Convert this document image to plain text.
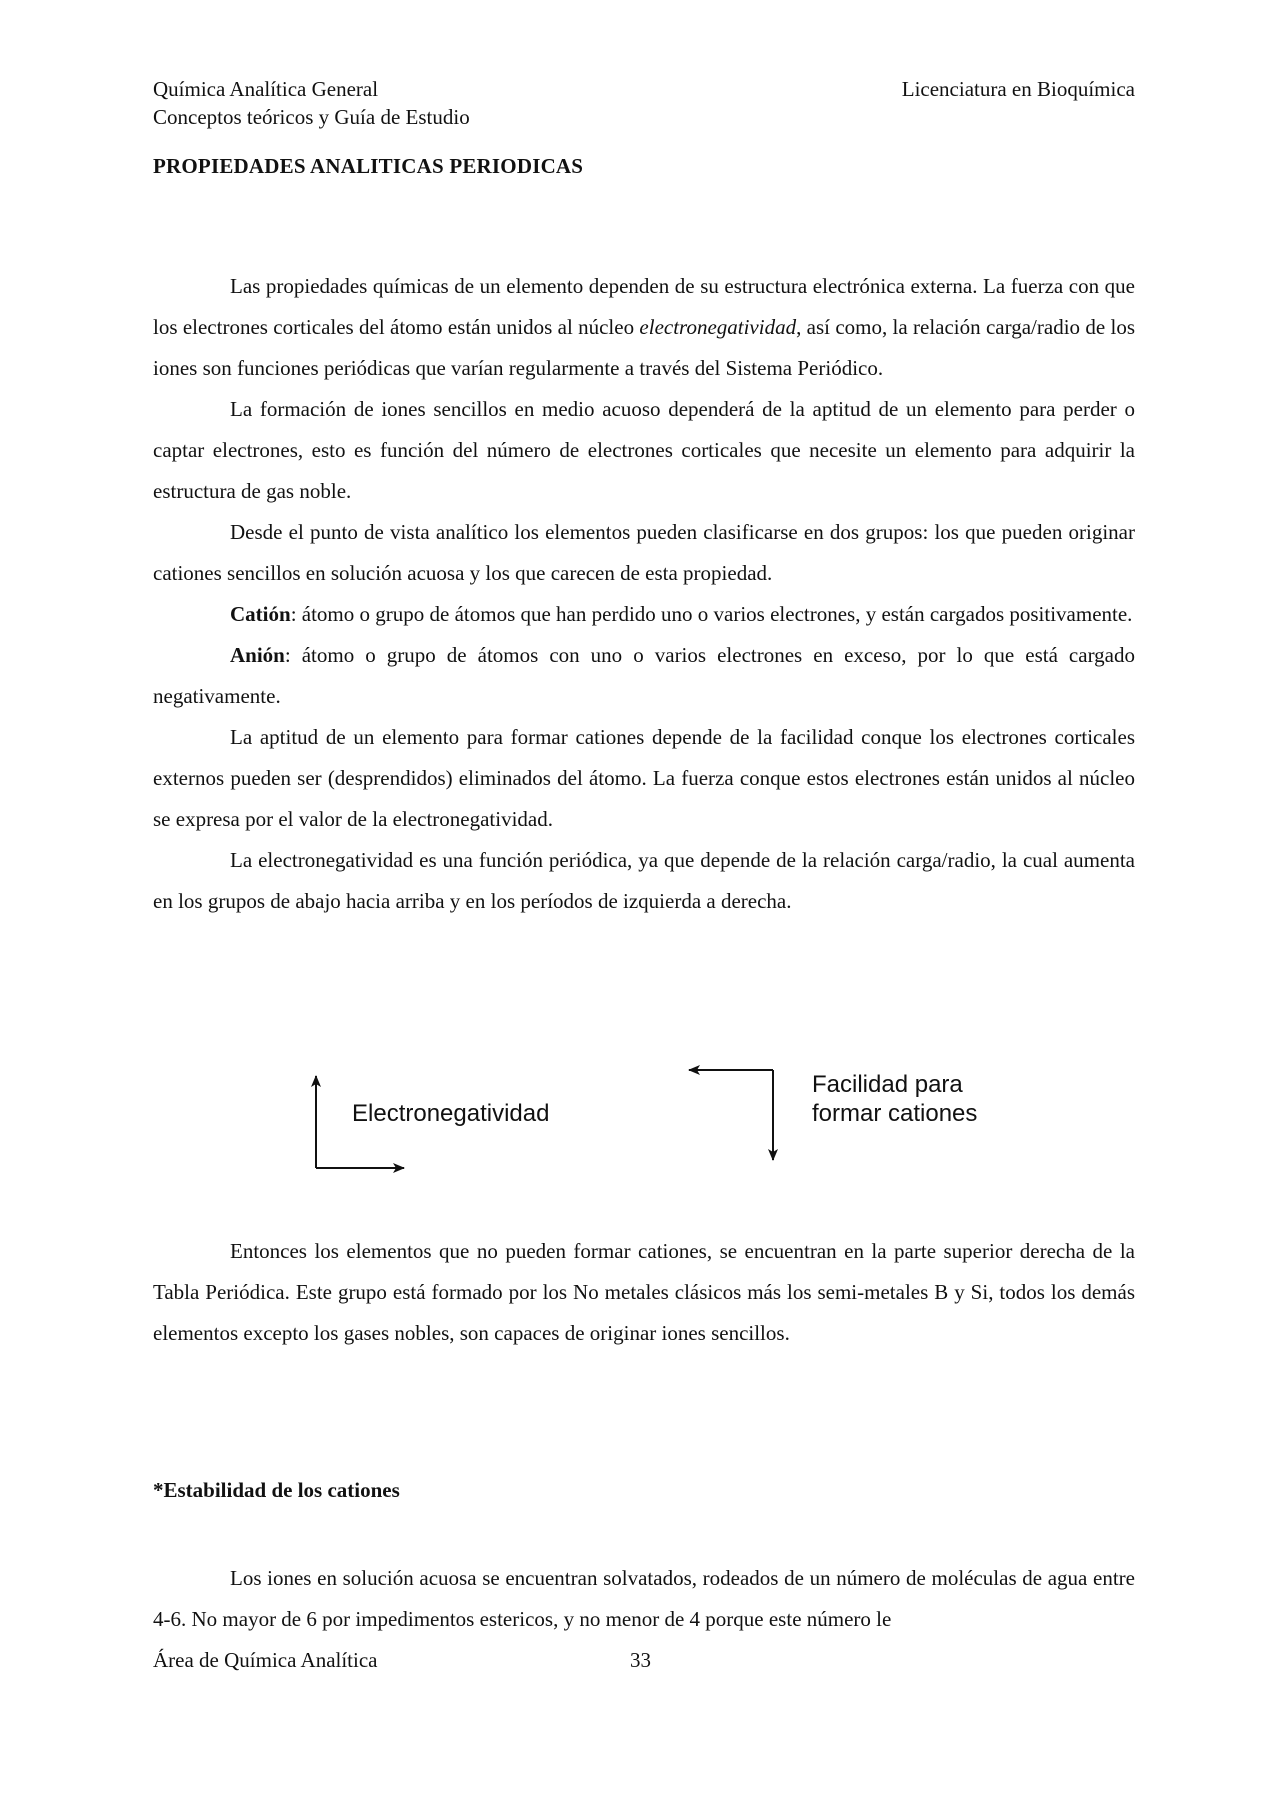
Química Analítica General
Conceptos teóricos y Guía de Estudio
Licenciatura en Bioquímica
PROPIEDADES ANALITICAS PERIODICAS

Las propiedades químicas de un elemento dependen de su estructura electrónica externa. La fuerza con que los electrones corticales del átomo están unidos al núcleo electronegatividad, así como, la relación carga/radio de los iones son funciones periódicas que varían regularmente a través del Sistema Periódico.

La formación de iones sencillos en medio acuoso dependerá de la aptitud de un elemento para perder o captar electrones, esto es función del número de electrones corticales que necesite un elemento para adquirir la estructura de gas noble.

Desde el punto de vista analítico los elementos pueden clasificarse en dos grupos: los que pueden originar cationes sencillos en solución acuosa y los que carecen de esta propiedad.

Catión: átomo o grupo de átomos que han perdido uno o varios electrones, y están cargados positivamente.

Anión: átomo o grupo de átomos con uno o varios electrones en exceso, por lo que está cargado negativamente.

La aptitud de un elemento para formar cationes depende de la facilidad conque los electrones corticales externos pueden ser (desprendidos) eliminados del átomo. La fuerza conque estos electrones están unidos al núcleo se expresa por el valor de la electronegatividad.

La electronegatividad es una función periódica, ya que depende de la relación carga/radio, la cual aumenta en los grupos de abajo hacia arriba y en los períodos de izquierda a derecha.

Electronegatividad
Facilidad para
formar cationes

Entonces los elementos que no pueden formar cationes, se encuentran en la parte superior derecha de la Tabla Periódica. Este grupo está formado por los No metales clásicos más los semi-metales B y Si, todos los demás elementos excepto los gases nobles, son capaces de originar iones sencillos.

*Estabilidad de los cationes

Los iones en solución acuosa se encuentran solvatados, rodeados de un número de moléculas de agua entre 4-6. No mayor de 6 por impedimentos estericos, y no menor de 4 porque este número le

Área de Química Analítica	33
